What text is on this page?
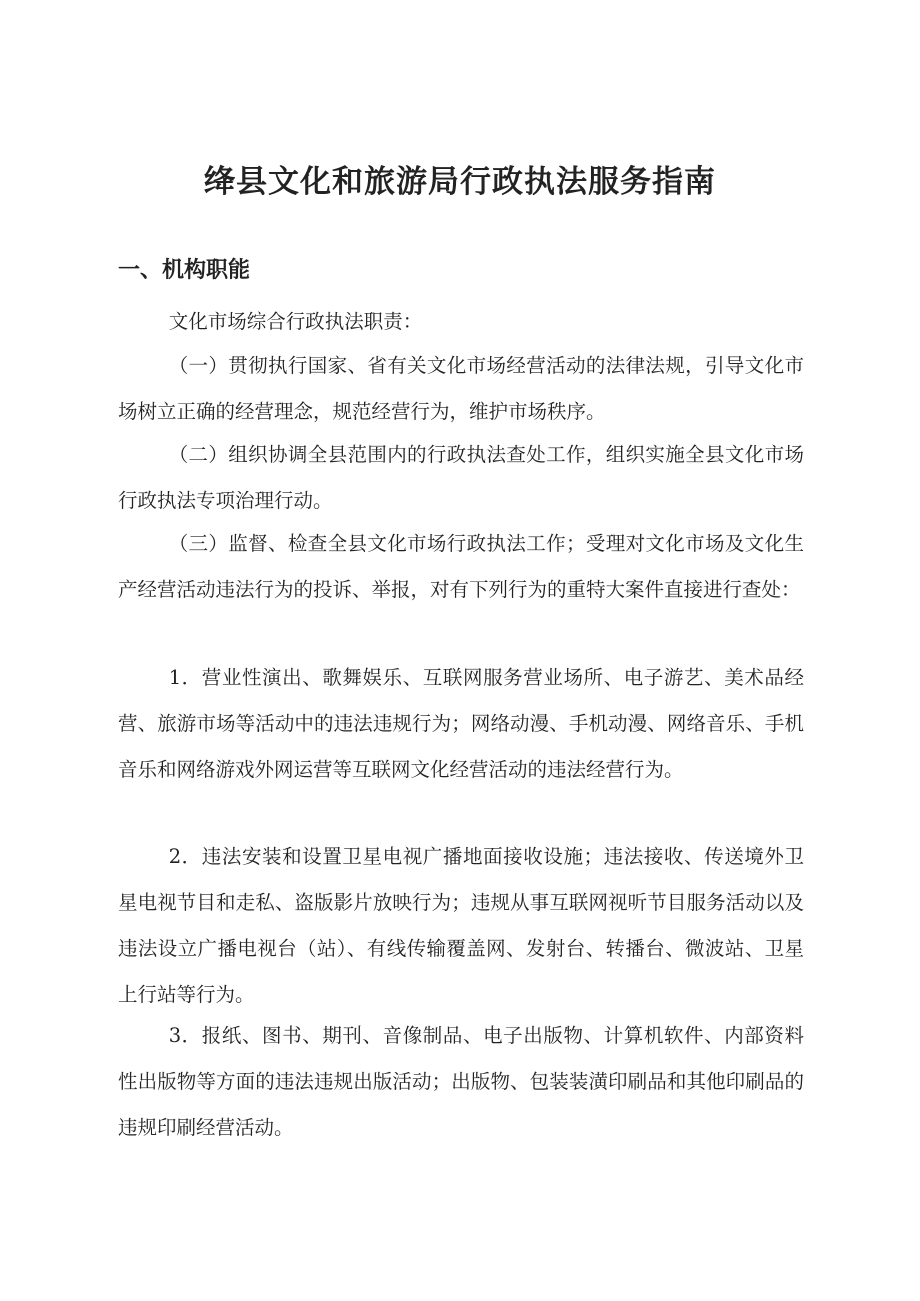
绛县文化和旅游局行政执法服务指南
一、机构职能

文化市场综合行政执法职责：

（一）贯彻执行国家、省有关文化市场经营活动的法律法规，引导文化市场树立正确的经营理念，规范经营行为，维护市场秩序。

（二）组织协调全县范围内的行政执法查处工作，组织实施全县文化市场行政执法专项治理行动。

（三）监督、检查全县文化市场行政执法工作；受理对文化市场及文化生产经营活动违法行为的投诉、举报，对有下列行为的重特大案件直接进行查处：

1．营业性演出、歌舞娱乐、互联网服务营业场所、电子游艺、美术品经营、旅游市场等活动中的违法违规行为；网络动漫、手机动漫、网络音乐、手机音乐和网络游戏外网运营等互联网文化经营活动的违法经营行为。

2．违法安装和设置卫星电视广播地面接收设施；违法接收、传送境外卫星电视节目和走私、盗版影片放映行为；违规从事互联网视听节目服务活动以及违法设立广播电视台（站）、有线传输覆盖网、发射台、转播台、微波站、卫星上行站等行为。

3．报纸、图书、期刊、音像制品、电子出版物、计算机软件、内部资料性出版物等方面的违法违规出版活动；出版物、包装装潢印刷品和其他印刷品的违规印刷经营活动。
